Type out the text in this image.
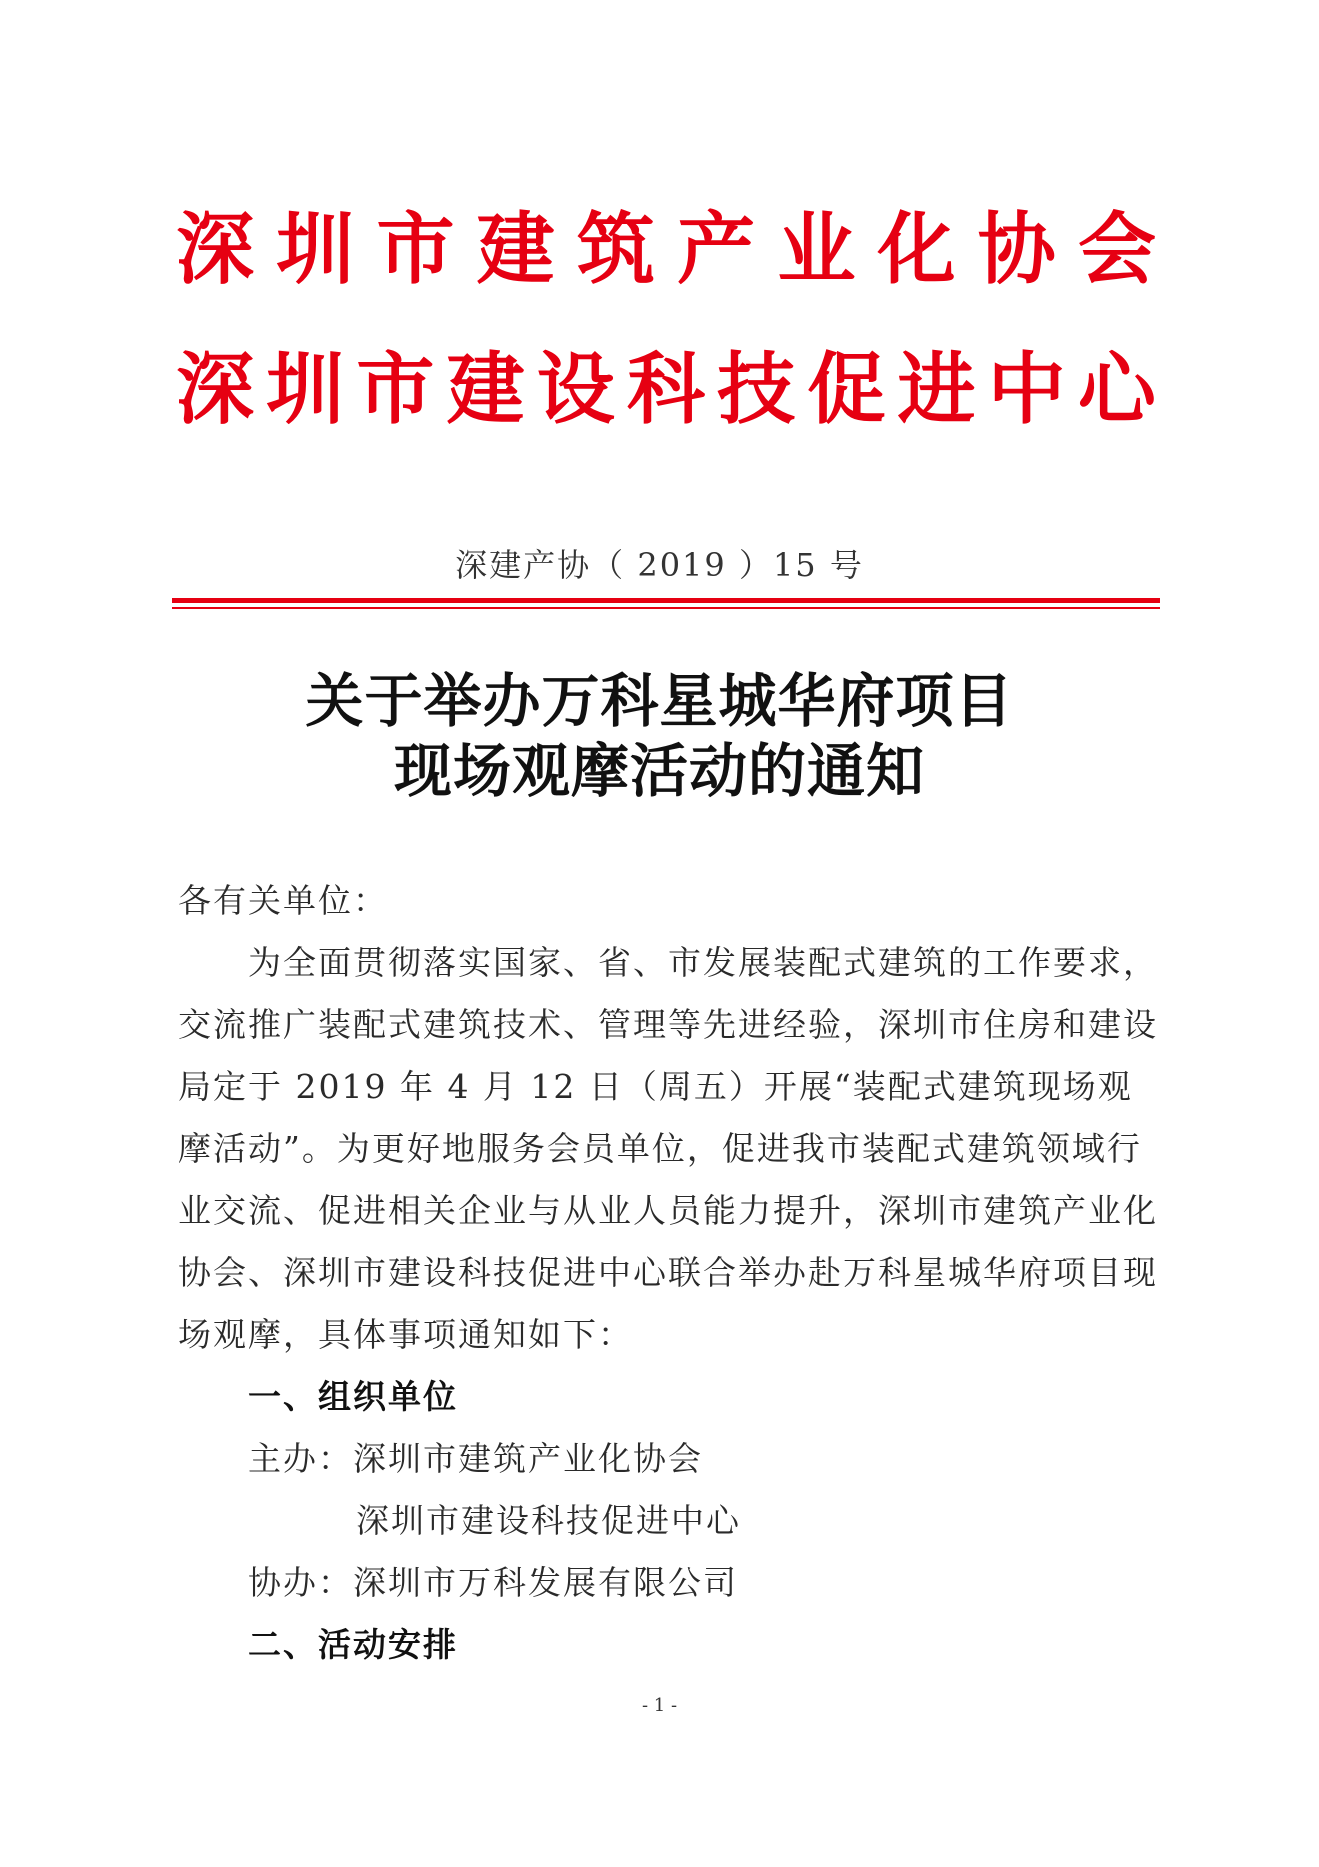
深 圳 市 建 筑 产 业 化 协 会
深 圳 市 建 设 科 技 促 进 中 心
深建产协（ 2019 ）15 号
关于举办万科星城华府项目
现场观摩活动的通知

各有关单位：

为全面贯彻落实国家、省、市发展装配式建筑的工作要求，交流推广装配式建筑技术、管理等先进经验，深圳市住房和建设局定于 2019 年 4 月 12 日（周五）开展“装配式建筑现场观摩活动”。为更好地服务会员单位，促进我市装配式建筑领域行业交流、促进相关企业与从业人员能力提升，深圳市建筑产业化协会、深圳市建设科技促进中心联合举办赴万科星城华府项目现场观摩，具体事项通知如下：

一、组织单位

主办：深圳市建筑产业化协会

深圳市建设科技促进中心

协办：深圳市万科发展有限公司

二、活动安排

- 1 -
